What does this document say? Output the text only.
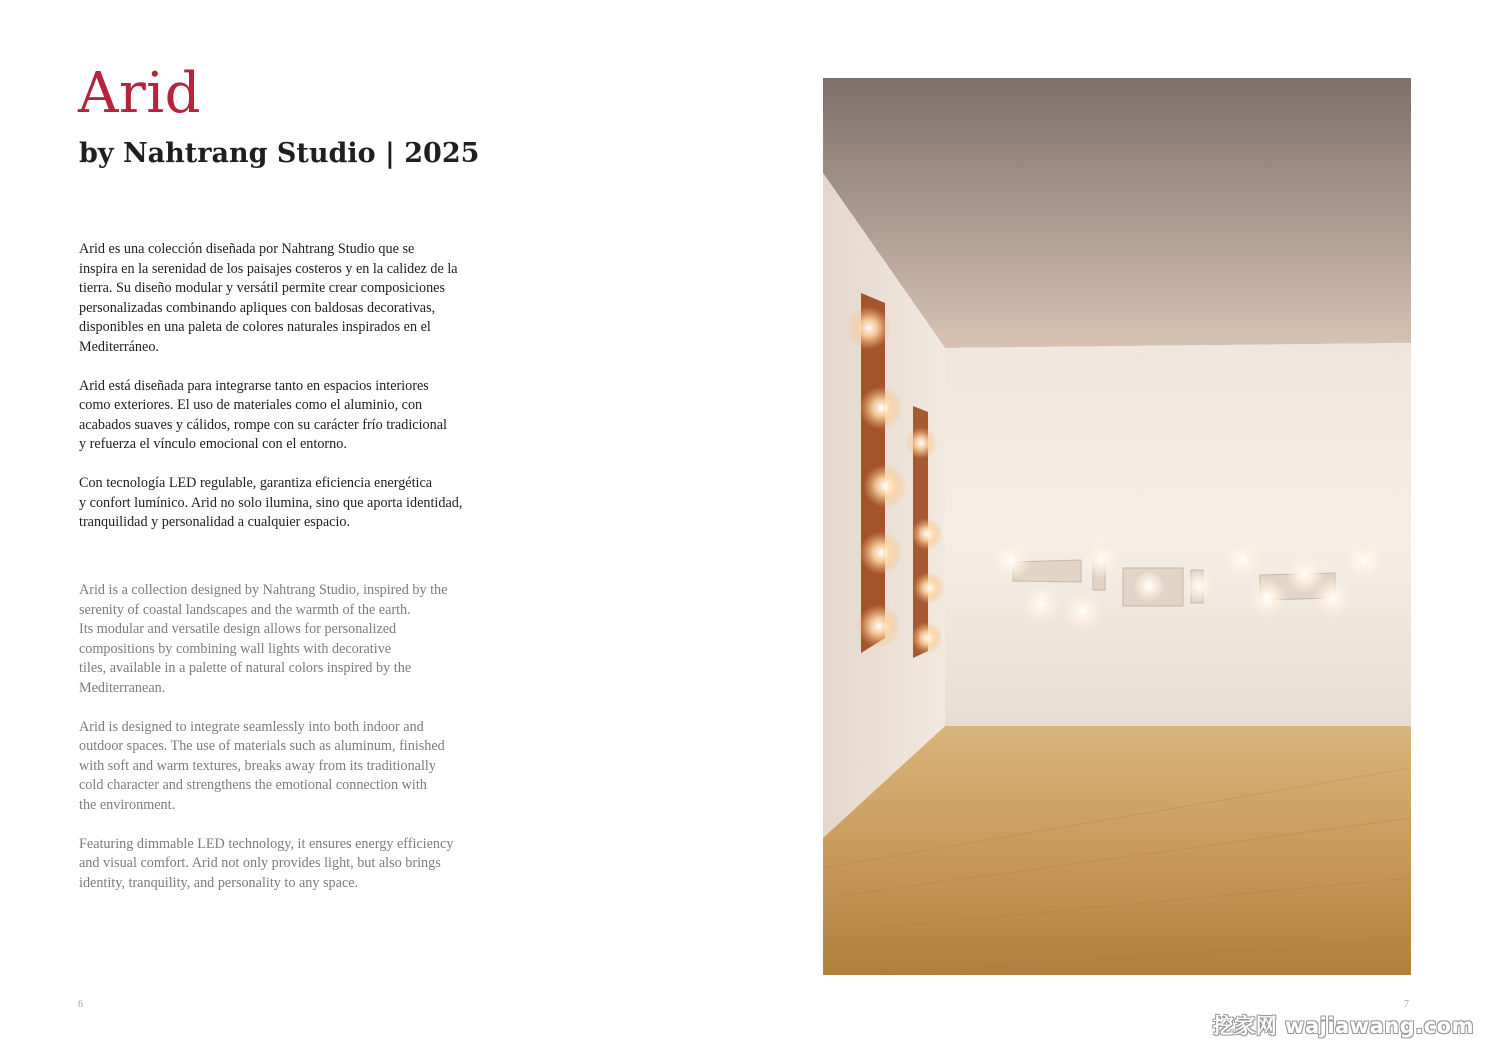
Arid
by Nahtrang Studio | 2025

Arid es una colección diseñada por Nahtrang Studio que se
inspira en la serenidad de los paisajes costeros y en la calidez de la
tierra. Su diseño modular y versátil permite crear composiciones
personalizadas combinando apliques con baldosas decorativas,
disponibles en una paleta de colores naturales inspirados en el
Mediterráneo.

Arid está diseñada para integrarse tanto en espacios interiores
como exteriores. El uso de materiales como el aluminio, con
acabados suaves y cálidos, rompe con su carácter frío tradicional
y refuerza el vínculo emocional con el entorno.

Con tecnología LED regulable, garantiza eficiencia energética
y confort lumínico. Arid no solo ilumina, sino que aporta identidad,
tranquilidad y personalidad a cualquier espacio.

Arid is a collection designed by Nahtrang Studio, inspired by the
serenity of coastal landscapes and the warmth of the earth.
Its modular and versatile design allows for personalized
compositions by combining wall lights with decorative
tiles, available in a palette of natural colors inspired by the
Mediterranean.

Arid is designed to integrate seamlessly into both indoor and
outdoor spaces. The use of materials such as aluminum, finished
with soft and warm textures, breaks away from its traditionally
cold character and strengthens the emotional connection with
the environment.

Featuring dimmable LED technology, it ensures energy efficiency
and visual comfort. Arid not only provides light, but also brings
identity, tranquility, and personality to any space.

6	7
挖家网 wajiawang.com
